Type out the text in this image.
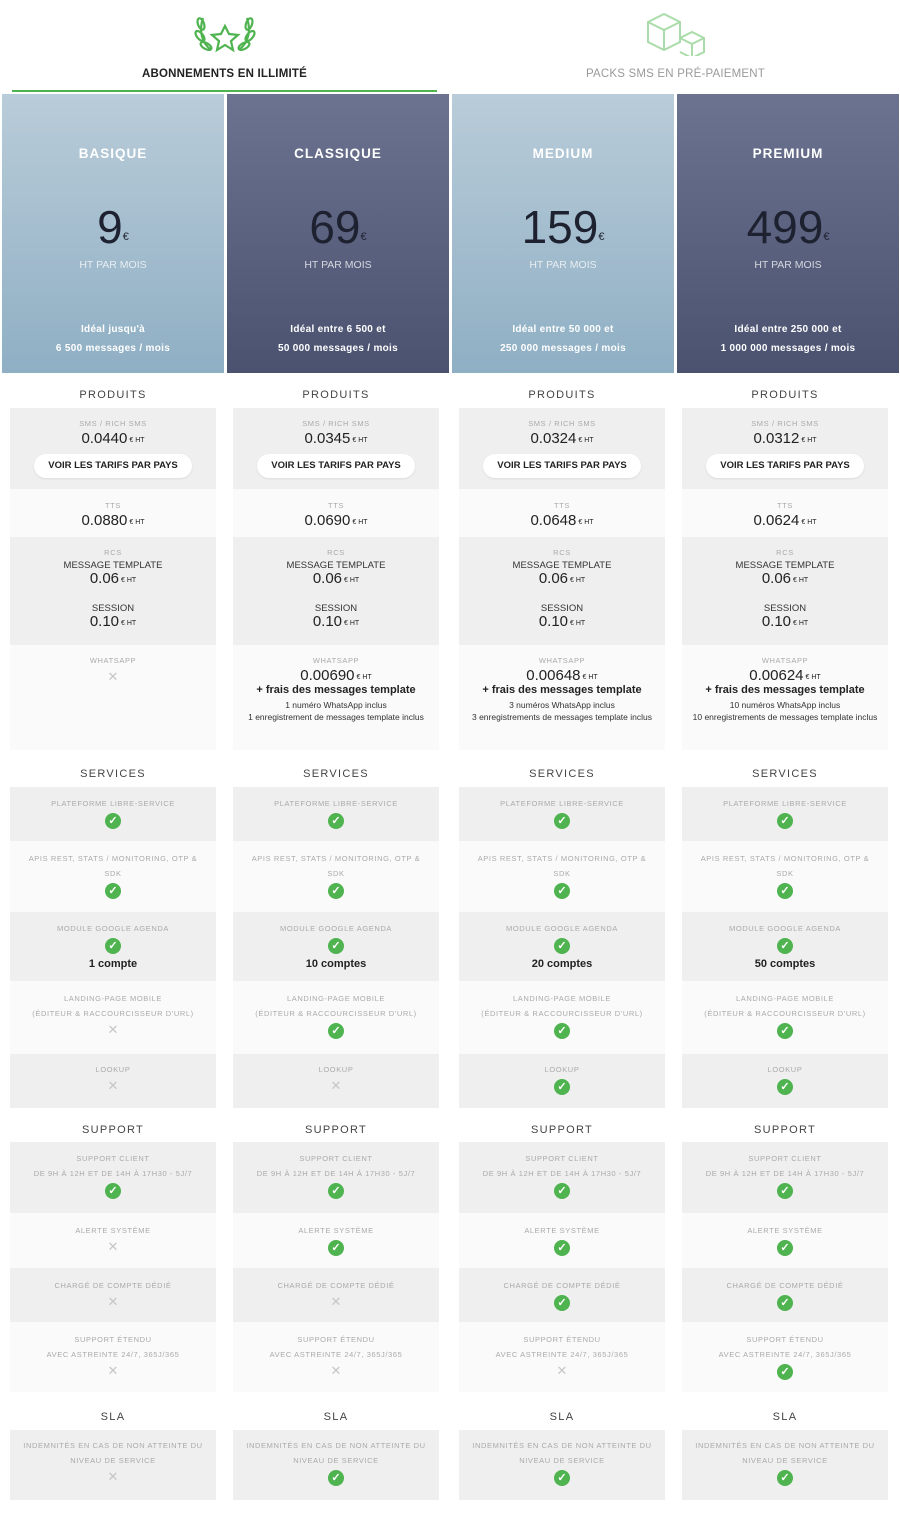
ABONNEMENTS EN ILLIMITÉ	PACKS SMS EN PRÉ-PAIEMENT
BASIQUE
9€
HT PAR MOIS
Idéal jusqu'à
6 500 messages / mois
CLASSIQUE
69€
HT PAR MOIS
Idéal entre 6 500 et
50 000 messages / mois
MEDIUM
159€
HT PAR MOIS
Idéal entre 50 000 et
250 000 messages / mois
PREMIUM
499€
HT PAR MOIS
Idéal entre 250 000 et
1 000 000 messages / mois
PRODUITS
SMS / RICH SMS
0.0440 $^{€ HT}$
VOIR LES TARIFS PAR PAYS
TTS
0.0880 $^{€ HT}$
RCS
MESSAGE TEMPLATE
0.06 $^{€ HT}$
SESSION
0.10 $^{€ HT}$
WHATSAPP
✕
SERVICES
PLATEFORME LIBRE-SERVICE
✓
APIS REST, STATS / MONITORING, OTP &
SDK
✓
MODULE GOOGLE AGENDA
✓
1 compte
LANDING-PAGE MOBILE
(ÉDITEUR & RACCOURCISSEUR D'URL)
✕
LOOKUP
✕
SUPPORT
SUPPORT CLIENT
DE 9H À 12H ET DE 14H À 17H30 - 5J/7
✓
ALERTE SYSTÈME
✕
CHARGÉ DE COMPTE DÉDIÉ
✕
SUPPORT ÉTENDU
AVEC ASTREINTE 24/7, 365J/365
✕
SLA
INDEMNITÉS EN CAS DE NON ATTEINTE DU
NIVEAU DE SERVICE
✕
PRODUITS
SMS / RICH SMS
0.0345 $^{€ HT}$
VOIR LES TARIFS PAR PAYS
TTS
0.0690 $^{€ HT}$
RCS
MESSAGE TEMPLATE
0.06 $^{€ HT}$
SESSION
0.10 $^{€ HT}$
WHATSAPP
0.00690 $^{€ HT}$
+ frais des messages template
1 numéro WhatsApp inclus
1 enregistrement de messages template inclus
SERVICES
PLATEFORME LIBRE-SERVICE
✓
APIS REST, STATS / MONITORING, OTP &
SDK
✓
MODULE GOOGLE AGENDA
✓
10 comptes
LANDING-PAGE MOBILE
(ÉDITEUR & RACCOURCISSEUR D'URL)
✓
LOOKUP
✕
SUPPORT
SUPPORT CLIENT
DE 9H À 12H ET DE 14H À 17H30 - 5J/7
✓
ALERTE SYSTÈME
✓
CHARGÉ DE COMPTE DÉDIÉ
✕
SUPPORT ÉTENDU
AVEC ASTREINTE 24/7, 365J/365
✕
SLA
INDEMNITÉS EN CAS DE NON ATTEINTE DU
NIVEAU DE SERVICE
✓
PRODUITS
SMS / RICH SMS
0.0324 $^{€ HT}$
VOIR LES TARIFS PAR PAYS
TTS
0.0648 $^{€ HT}$
RCS
MESSAGE TEMPLATE
0.06 $^{€ HT}$
SESSION
0.10 $^{€ HT}$
WHATSAPP
0.00648 $^{€ HT}$
+ frais des messages template
3 numéros WhatsApp inclus
3 enregistrements de messages template inclus
SERVICES
PLATEFORME LIBRE-SERVICE
✓
APIS REST, STATS / MONITORING, OTP &
SDK
✓
MODULE GOOGLE AGENDA
✓
20 comptes
LANDING-PAGE MOBILE
(ÉDITEUR & RACCOURCISSEUR D'URL)
✓
LOOKUP
✓
SUPPORT
SUPPORT CLIENT
DE 9H À 12H ET DE 14H À 17H30 - 5J/7
✓
ALERTE SYSTÈME
✓
CHARGÉ DE COMPTE DÉDIÉ
✓
SUPPORT ÉTENDU
AVEC ASTREINTE 24/7, 365J/365
✕
SLA
INDEMNITÉS EN CAS DE NON ATTEINTE DU
NIVEAU DE SERVICE
✓
PRODUITS
SMS / RICH SMS
0.0312 $^{€ HT}$
VOIR LES TARIFS PAR PAYS
TTS
0.0624 $^{€ HT}$
RCS
MESSAGE TEMPLATE
0.06 $^{€ HT}$
SESSION
0.10 $^{€ HT}$
WHATSAPP
0.00624 $^{€ HT}$
+ frais des messages template
10 numéros WhatsApp inclus
10 enregistrements de messages template inclus
SERVICES
PLATEFORME LIBRE-SERVICE
✓
APIS REST, STATS / MONITORING, OTP &
SDK
✓
MODULE GOOGLE AGENDA
✓
50 comptes
LANDING-PAGE MOBILE
(ÉDITEUR & RACCOURCISSEUR D'URL)
✓
LOOKUP
✓
SUPPORT
SUPPORT CLIENT
DE 9H À 12H ET DE 14H À 17H30 - 5J/7
✓
ALERTE SYSTÈME
✓
CHARGÉ DE COMPTE DÉDIÉ
✓
SUPPORT ÉTENDU
AVEC ASTREINTE 24/7, 365J/365
✓
SLA
INDEMNITÉS EN CAS DE NON ATTEINTE DU
NIVEAU DE SERVICE
✓
